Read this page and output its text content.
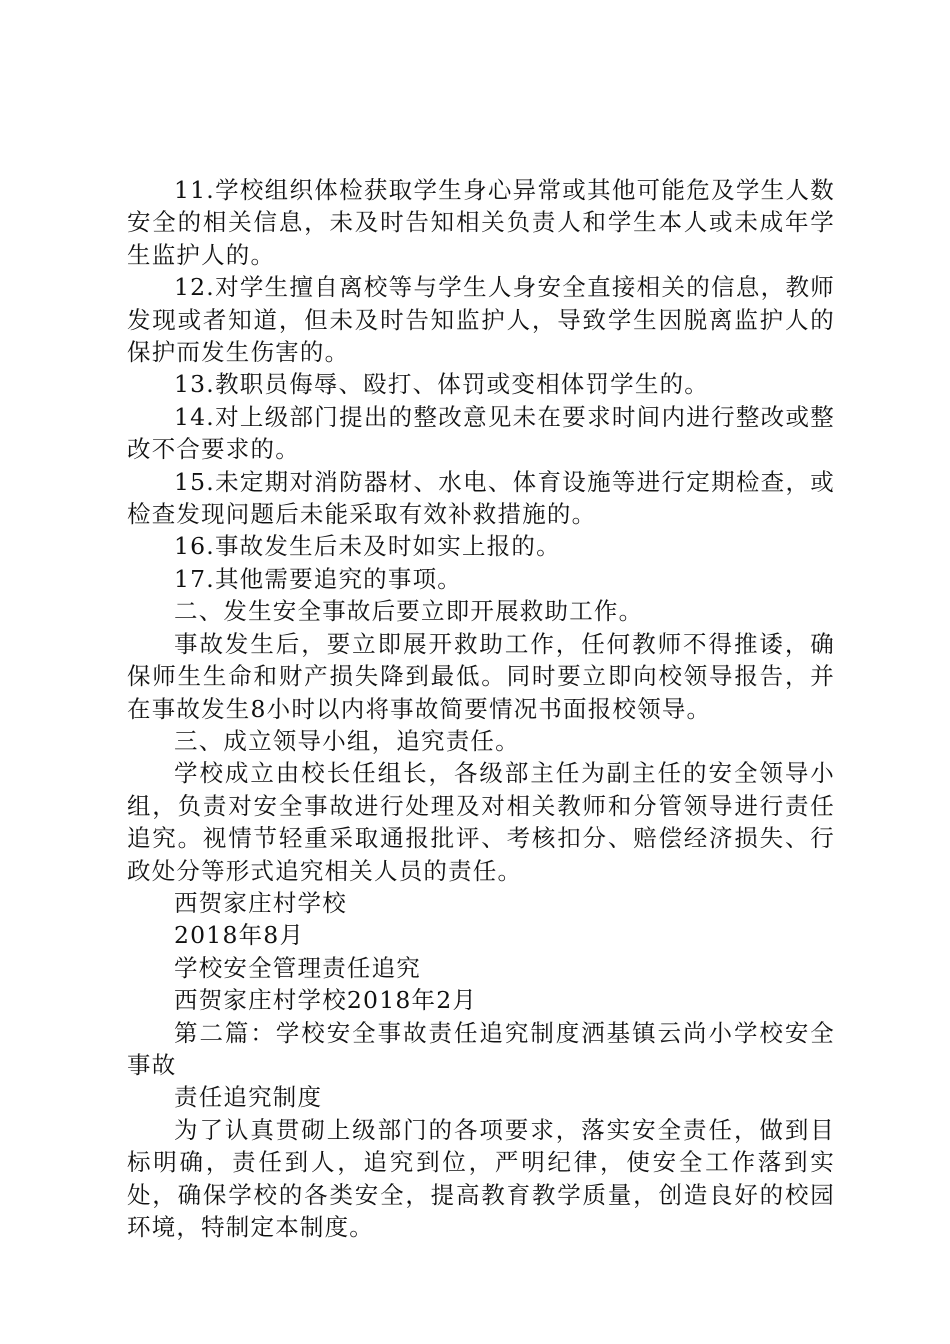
11.学校组织体检获取学生身心异常或其他可能危及学生人数安全的相关信息，未及时告知相关负责人和学生本人或未成年学生监护人的。

12.对学生擅自离校等与学生人身安全直接相关的信息，教师发现或者知道，但未及时告知监护人，导致学生因脱离监护人的保护而发生伤害的。

13.教职员侮辱、殴打、体罚或变相体罚学生的。

14.对上级部门提出的整改意见未在要求时间内进行整改或整改不合要求的。

15.未定期对消防器材、水电、体育设施等进行定期检查，或检查发现问题后未能采取有效补救措施的。

16.事故发生后未及时如实上报的。

17.其他需要追究的事项。

二、发生安全事故后要立即开展救助工作。

事故发生后，要立即展开救助工作，任何教师不得推诿，确保师生生命和财产损失降到最低。同时要立即向校领导报告，并在事故发生8小时以内将事故简要情况书面报校领导。

三、成立领导小组，追究责任。

学校成立由校长任组长，各级部主任为副主任的安全领导小组，负责对安全事故进行处理及对相关教师和分管领导进行责任追究。视情节轻重采取通报批评、考核扣分、赔偿经济损失、行政处分等形式追究相关人员的责任。

西贺家庄村学校

2018年8月

学校安全管理责任追究

西贺家庄村学校2018年2月

第二篇：学校安全事故责任追究制度洒基镇云尚小学校安全事故

责任追究制度

为了认真贯砌上级部门的各项要求，落实安全责任，做到目标明确，责任到人，追究到位，严明纪律，使安全工作落到实处，确保学校的各类安全，提高教育教学质量，创造良好的校园环境，特制定本制度。
